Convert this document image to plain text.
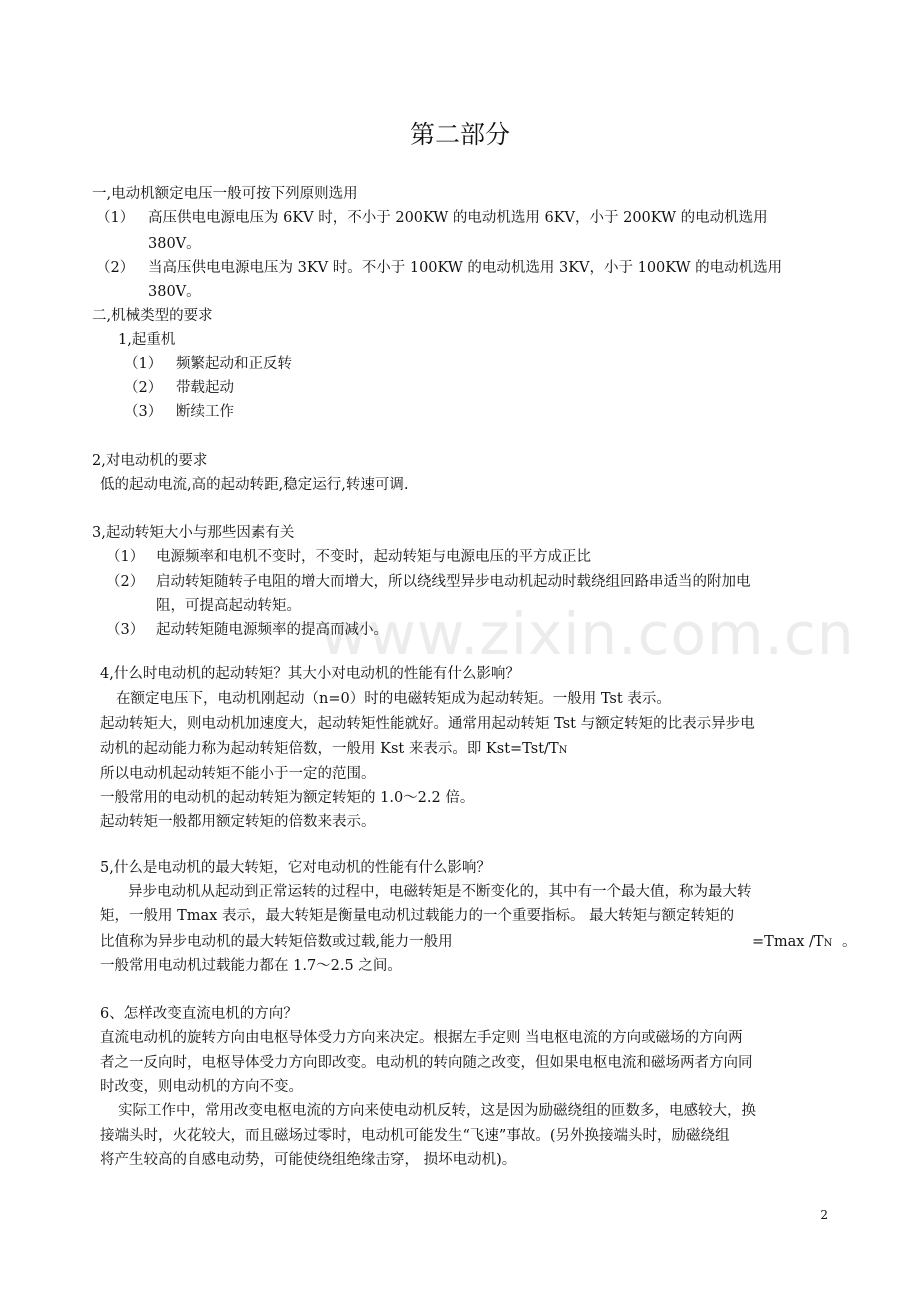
www.zixin.com.cn
第二部分
一,电动机额定电压一般可按下列原则选用
（1） 高压供电电源电压为 6KV 时，不小于 200KW 的电动机选用 6KV，小于 200KW 的电动机选用
380V。
（2） 当高压供电电源电压为 3KV 时。不小于 100KW 的电动机选用 3KV，小于 100KW 的电动机选用
380V。
二,机械类型的要求
1,起重机
（1） 频繁起动和正反转
（2） 带载起动
（3） 断续工作
2,对电动机的要求
低的起动电流,高的起动转距,稳定运行,转速可调.
3,起动转矩大小与那些因素有关
（1） 电源频率和电机不变时，不变时，起动转矩与电源电压的平方成正比
（2） 启动转矩随转子电阻的增大而增大，所以绕线型异步电动机起动时载绕组回路串适当的附加电
阻，可提高起动转矩。
（3） 起动转矩随电源频率的提高而减小。
4,什么时电动机的起动转矩？其大小对电动机的性能有什么影响？
在额定电压下，电动机刚起动（n=0）时的电磁转矩成为起动转矩。一般用 Tst 表示。
起动转矩大，则电动机加速度大，起动转矩性能就好。通常用起动转矩 Tst 与额定转矩的比表示异步电
动机的起动能力称为起动转矩倍数，一般用 Kst 来表示。即 Kst=Tst/TN
所以电动机起动转矩不能小于一定的范围。
一般常用的电动机的起动转矩为额定转矩的 1.0～2.2 倍。
起动转矩一般都用额定转矩的倍数来表示。
5,什么是电动机的最大转矩，它对电动机的性能有什么影响？
异步电动机从起动到正常运转的过程中，电磁转矩是不断变化的，其中有一个最大值，称为最大转
矩，一般用 Tmax 表示，最大转矩是衡量电动机过载能力的一个重要指标。 最大转矩与额定转矩的
比值称为异步电动机的最大转矩倍数或过载,能力一般用	=Tmax /TN 。
一般常用电动机过载能力都在 1.7～2.5 之间。
6、怎样改变直流电机的方向？
直流电动机的旋转方向由电枢导体受力方向来决定。根据左手定则 当电枢电流的方向或磁场的方向两
者之一反向时，电枢导体受力方向即改变。电动机的转向随之改变，但如果电枢电流和磁场两者方向同
时改变，则电动机的方向不变。
实际工作中，常用改变电枢电流的方向来使电动机反转，这是因为励磁绕组的匝数多，电感较大，换
接端头时，火花较大，而且磁场过零时，电动机可能发生“飞速”事故。(另外换接端头时，励磁绕组
将产生较高的自感电动势，可能使绕组绝缘击穿， 损坏电动机)。
2
